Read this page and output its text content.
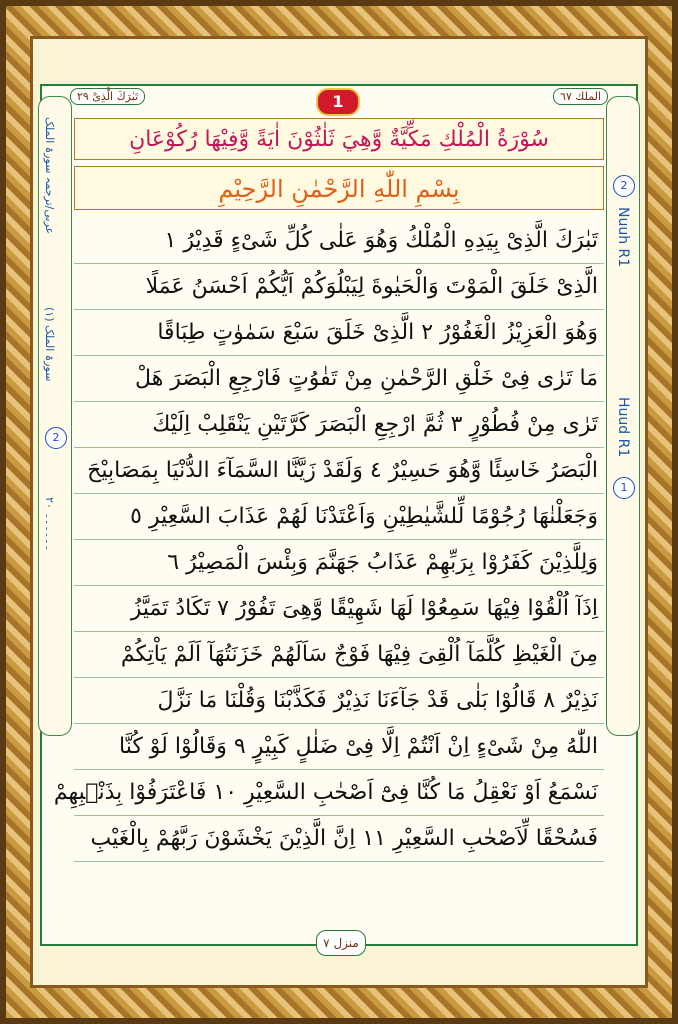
عربی/ترجمہ سورۃ الملک
سورۃ الملک (١)
۔۔۔۔۔۔ ٢٠
2
2
Nuuh R1
Huud R1
1
تَبٰرَكَ الَّذِىْ ٢٩	الملك ٦٧
1
سُوْرَةُ الْمُلْكِ مَكِّيَّةٌ وَّهِيَ ثَلٰثُوْنَ اٰيَةً وَّفِيْهَا رُكُوْعَانِ
بِسْمِ اللّٰهِ الرَّحْمٰنِ الرَّحِيْمِ
تَبٰرَكَ الَّذِیْ بِیَدِهِ الْمُلْكُ وَهُوَ عَلٰی كُلِّ شَیْءٍ قَدِیْرُ ١
الَّذِیْ خَلَقَ الْمَوْتَ وَالْحَیٰوةَ لِیَبْلُوَكُمْ اَیُّكُمْ اَحْسَنُ عَمَلًا
وَهُوَ الْعَزِیْزُ الْغَفُوْرُ ٢ الَّذِیْ خَلَقَ سَبْعَ سَمٰوٰتٍ طِبَاقًا
مَا تَرٰی فِیْ خَلْقِ الرَّحْمٰنِ مِنْ تَفٰوُتٍ فَارْجِعِ الْبَصَرَ هَلْ
تَرٰی مِنْ فُطُوْرٍ ٣ ثُمَّ ارْجِعِ الْبَصَرَ كَرَّتَیْنِ یَنْقَلِبْ اِلَیْكَ
الْبَصَرُ خَاسِئًا وَّهُوَ حَسِیْرٌ ٤ وَلَقَدْ زَیَّنَّا السَّمَآءَ الدُّنْیَا بِمَصَابِیْحَ
وَجَعَلْنٰهَا رُجُوْمًا لِّلشَّیٰطِیْنِ وَاَعْتَدْنَا لَهُمْ عَذَابَ السَّعِیْرِ ٥
وَلِلَّذِیْنَ كَفَرُوْا بِرَبِّهِمْ عَذَابُ جَهَنَّمَ وَبِئْسَ الْمَصِیْرُ ٦
اِذَآ اُلْقُوْا فِیْهَا سَمِعُوْا لَهَا شَهِیْقًا وَّهِیَ تَفُوْرُ ٧ تَكَادُ تَمَیَّزُ
مِنَ الْغَیْظِ كُلَّمَآ اُلْقِیَ فِیْهَا فَوْجٌ سَاَلَهُمْ خَزَنَتُهَآ اَلَمْ یَاْتِكُمْ
نَذِیْرٌ ٨ قَالُوْا بَلٰی قَدْ جَآءَنَا نَذِیْرٌ فَكَذَّبْنَا وَقُلْنَا مَا نَزَّلَ
اللّٰهُ مِنْ شَیْءٍ اِنْ اَنْتُمْ اِلَّا فِیْ ضَلٰلٍ كَبِیْرٍ ٩ وَقَالُوْا لَوْ كُنَّا
نَسْمَعُ اَوْ نَعْقِلُ مَا كُنَّا فِیْٓ اَصْحٰبِ السَّعِیْرِ ١٠ فَاعْتَرَفُوْا بِذَنْۢبِهِمْ
فَسُحْقًا لِّاَصْحٰبِ السَّعِیْرِ ١١ اِنَّ الَّذِیْنَ یَخْشَوْنَ رَبَّهُمْ بِالْغَیْبِ
منزل ٧
